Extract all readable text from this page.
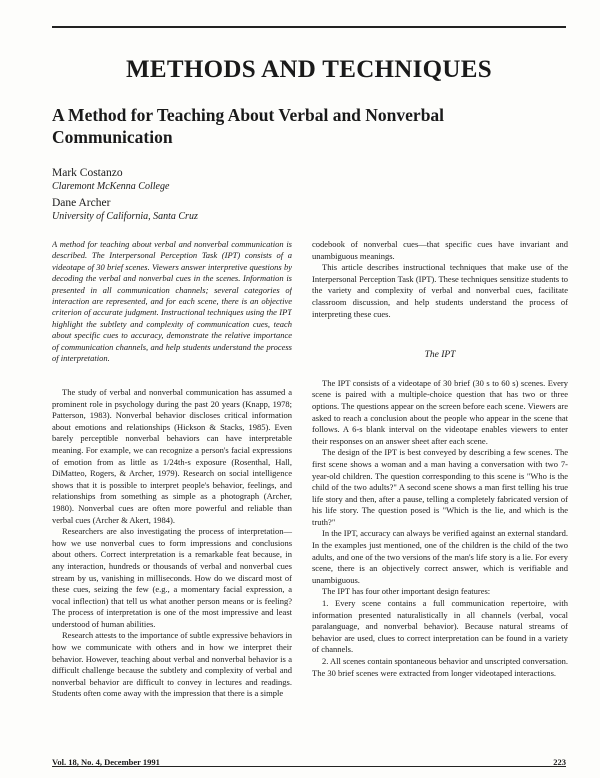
METHODS AND TECHNIQUES
A Method for Teaching About Verbal and Nonverbal Communication
Mark Costanzo
Claremont McKenna College
Dane Archer
University of California, Santa Cruz

A method for teaching about verbal and nonverbal communication is described. The Interpersonal Perception Task (IPT) consists of a videotape of 30 brief scenes. Viewers answer interpretive questions by decoding the verbal and nonverbal cues in the scenes. Information is presented in all communication channels; several categories of interaction are represented, and for each scene, there is an objective criterion of accurate judgment. Instructional techniques using the IPT highlight the subtlety and complexity of communication cues, teach about specific cues to accuracy, demonstrate the relative importance of communication channels, and help students understand the process of interpretation.

The study of verbal and nonverbal communication has assumed a prominent role in psychology during the past 20 years (Knapp, 1978; Patterson, 1983). Nonverbal behavior discloses critical information about emotions and relationships (Hickson & Stacks, 1985). Even barely perceptible nonverbal behaviors can have interpretable meaning. For example, we can recognize a person's facial expressions of emotion from as little as 1/24th-s exposure (Rosenthal, Hall, DiMatteo, Rogers, & Archer, 1979). Research on social intelligence shows that it is possible to interpret people's behavior, feelings, and relationships from something as simple as a photograph (Archer, 1980). Nonverbal cues are often more powerful and reliable than verbal cues (Archer & Akert, 1984).

Researchers are also investigating the process of interpretation—how we use nonverbal cues to form impressions and conclusions about others. Correct interpretation is a remarkable feat because, in any interaction, hundreds or thousands of verbal and nonverbal cues stream by us, vanishing in milliseconds. How do we discard most of these cues, seizing the few (e.g., a momentary facial expression, a vocal inflection) that tell us what another person means or is feeling? The process of interpretation is one of the most impressive and least understood of human abilities.

Research attests to the importance of subtle expressive behaviors in how we communicate with others and in how we interpret their behavior. However, teaching about verbal and nonverbal behavior is a difficult challenge because the subtlety and complexity of verbal and nonverbal behavior are difficult to convey in lectures and readings. Students often come away with the impression that there is a simple

codebook of nonverbal cues—that specific cues have invariant and unambiguous meanings.

This article describes instructional techniques that make use of the Interpersonal Perception Task (IPT). These techniques sensitize students to the variety and complexity of verbal and nonverbal cues, facilitate classroom discussion, and help students understand the process of interpreting these cues.

The IPT

The IPT consists of a videotape of 30 brief (30 s to 60 s) scenes. Every scene is paired with a multiple-choice question that has two or three options. The questions appear on the screen before each scene. Viewers are asked to reach a conclusion about the people who appear in the scene that follows. A 6-s blank interval on the videotape enables viewers to enter their responses on an answer sheet after each scene.

The design of the IPT is best conveyed by describing a few scenes. The first scene shows a woman and a man having a conversation with two 7-year-old children. The question corresponding to this scene is "Who is the child of the two adults?" A second scene shows a man first telling his true life story and then, after a pause, telling a completely fabricated version of his life story. The question posed is "Which is the lie, and which is the truth?"

In the IPT, accuracy can always be verified against an external standard. In the examples just mentioned, one of the children is the child of the two adults, and one of the two versions of the man's life story is a lie. For every scene, there is an objectively correct answer, which is verifiable and unambiguous.

The IPT has four other important design features:

1. Every scene contains a full communication repertoire, with information presented naturalistically in all channels (verbal, vocal paralanguage, and nonverbal behavior). Because natural streams of behavior are used, clues to correct interpretation can be found in a variety of channels.

2. All scenes contain spontaneous behavior and unscripted conversation. The 30 brief scenes were extracted from longer videotaped interactions.

Vol. 18, No. 4, December 1991	223
